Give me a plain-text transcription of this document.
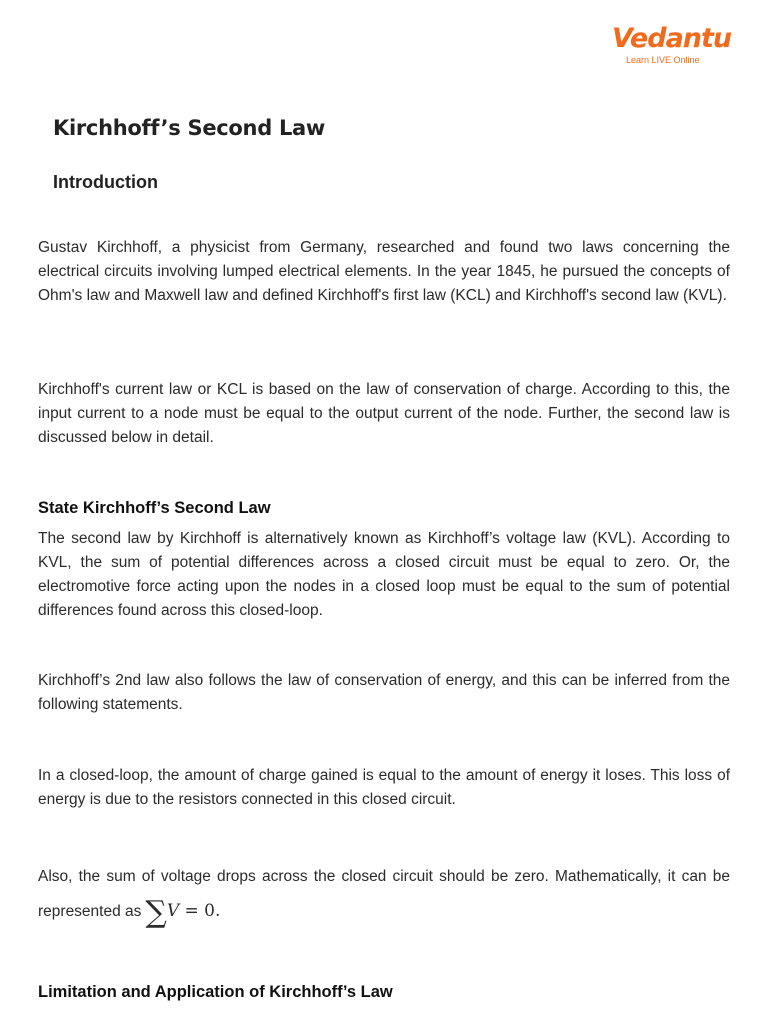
Vedantu
Learn LIVE Online
Kirchhoff’s Second Law
Introduction

Gustav Kirchhoff, a physicist from Germany, researched and found two laws concerning the electrical circuits involving lumped electrical elements. In the year 1845, he pursued the concepts of Ohm's law and Maxwell law and defined Kirchhoff's first law (KCL) and Kirchhoff's second law (KVL).

Kirchhoff's current law or KCL is based on the law of conservation of charge. According to this, the input current to a node must be equal to the output current of the node. Further, the second law is discussed below in detail.

State Kirchhoff’s Second Law

The second law by Kirchhoff is alternatively known as Kirchhoff’s voltage law (KVL). According to KVL, the sum of potential differences across a closed circuit must be equal to zero. Or, the electromotive force acting upon the nodes in a closed loop must be equal to the sum of potential differences found across this closed-loop.

Kirchhoff’s 2nd law also follows the law of conservation of energy, and this can be inferred from the following statements.

In a closed-loop, the amount of charge gained is equal to the amount of energy it loses. This loss of energy is due to the resistors connected in this closed circuit.

Also, the sum of voltage drops across the closed circuit should be zero. Mathematically, it can be represented as ∑V = 0.
Limitation and Application of Kirchhoff’s Law
